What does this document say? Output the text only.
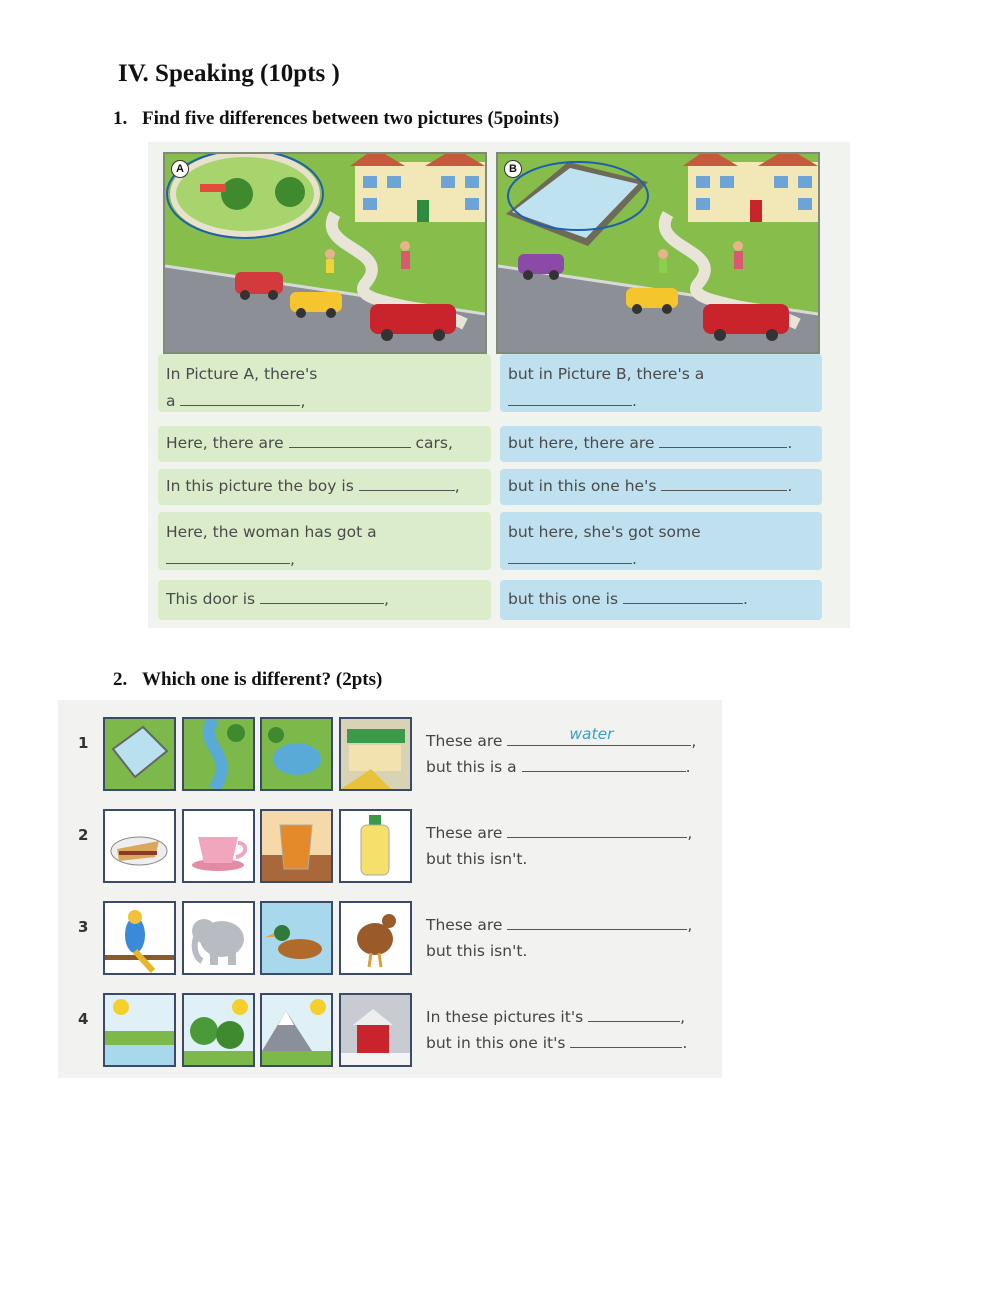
IV. Speaking (10pts )
1. Find five differences between two pictures (5points)
A	B
In Picture A, there's
a	,
but in Picture B, there's a
.
Here, there are	cars,	but here, there are	.
In this picture the boy is	,	but in this one he's	.
Here, the woman has got a
,
but here, she's got some
.
This door is	,	but this one is	.
2. Which one is different? (2pts)
1	These are	water	,
but this is a	.
2	These are	,
but this isn't.
3	These are	,
but this isn't.
4	In these pictures it's	,
but in this one it's	.
